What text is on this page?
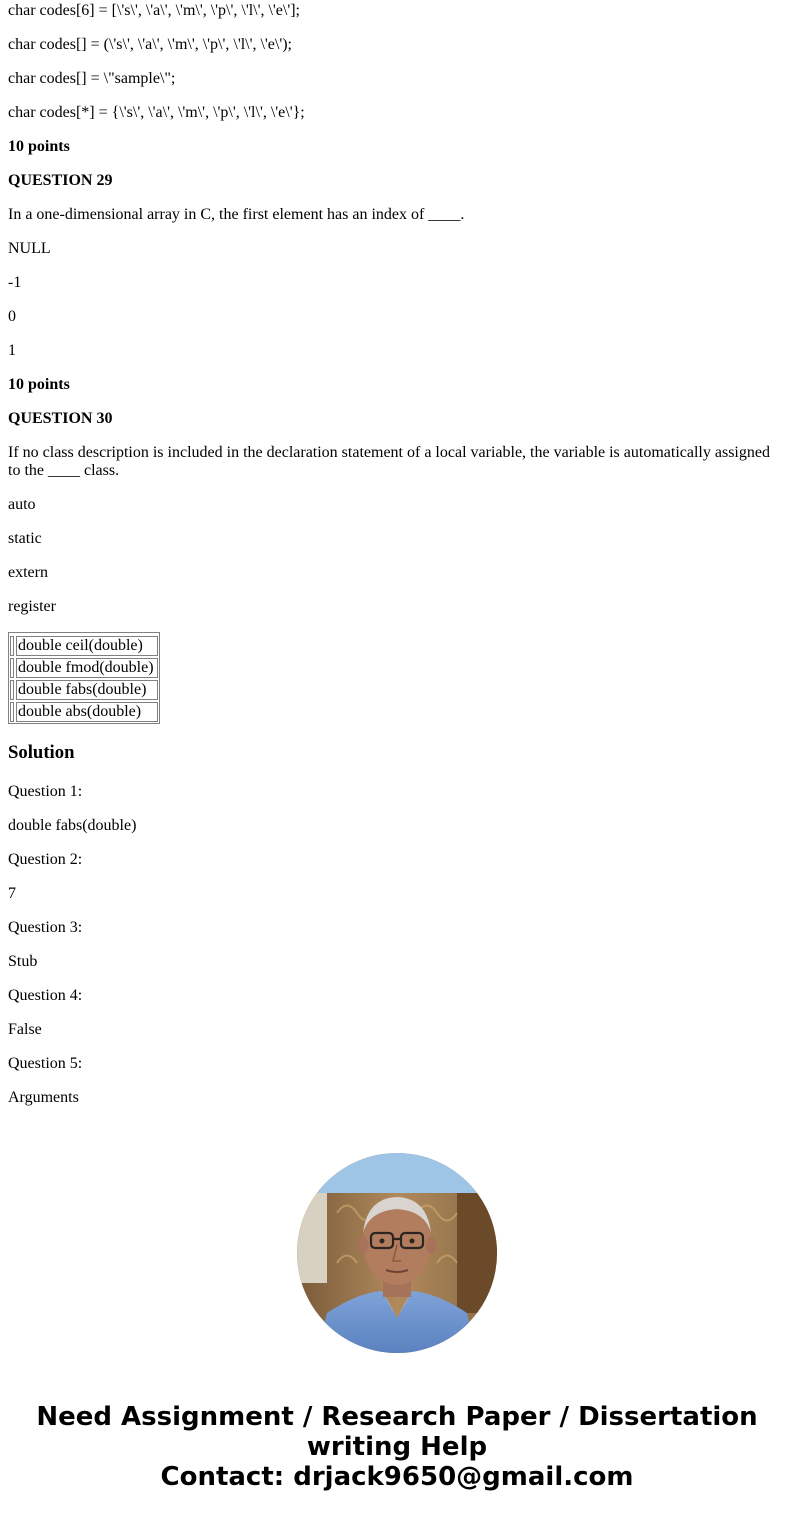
char codes[6] = [\'s\', \'a\', \'m\', \'p\', \'l\', \'e\'];

char codes[] = (\'s\', \'a\', \'m\', \'p\', \'l\', \'e\');

char codes[] = \"sample\";

char codes[*] = {\'s\', \'a\', \'m\', \'p\', \'l\', \'e\'};

10 points

QUESTION 29

In a one-dimensional array in C, the first element has an index of ____.

NULL

-1

0

1

10 points

QUESTION 30

If no class description is included in the declaration statement of a local variable, the variable is automatically assigned to the ____ class.

auto

static

extern

register

double ceil(double)
double fmod(double)
double fabs(double)
double abs(double)
Solution

Question 1:

double fabs(double)

Question 2:

7

Question 3:

Stub

Question 4:

False

Question 5:

Arguments

Need Assignment / Research Paper / Dissertation
writing Help
Contact: drjack9650@gmail.com
